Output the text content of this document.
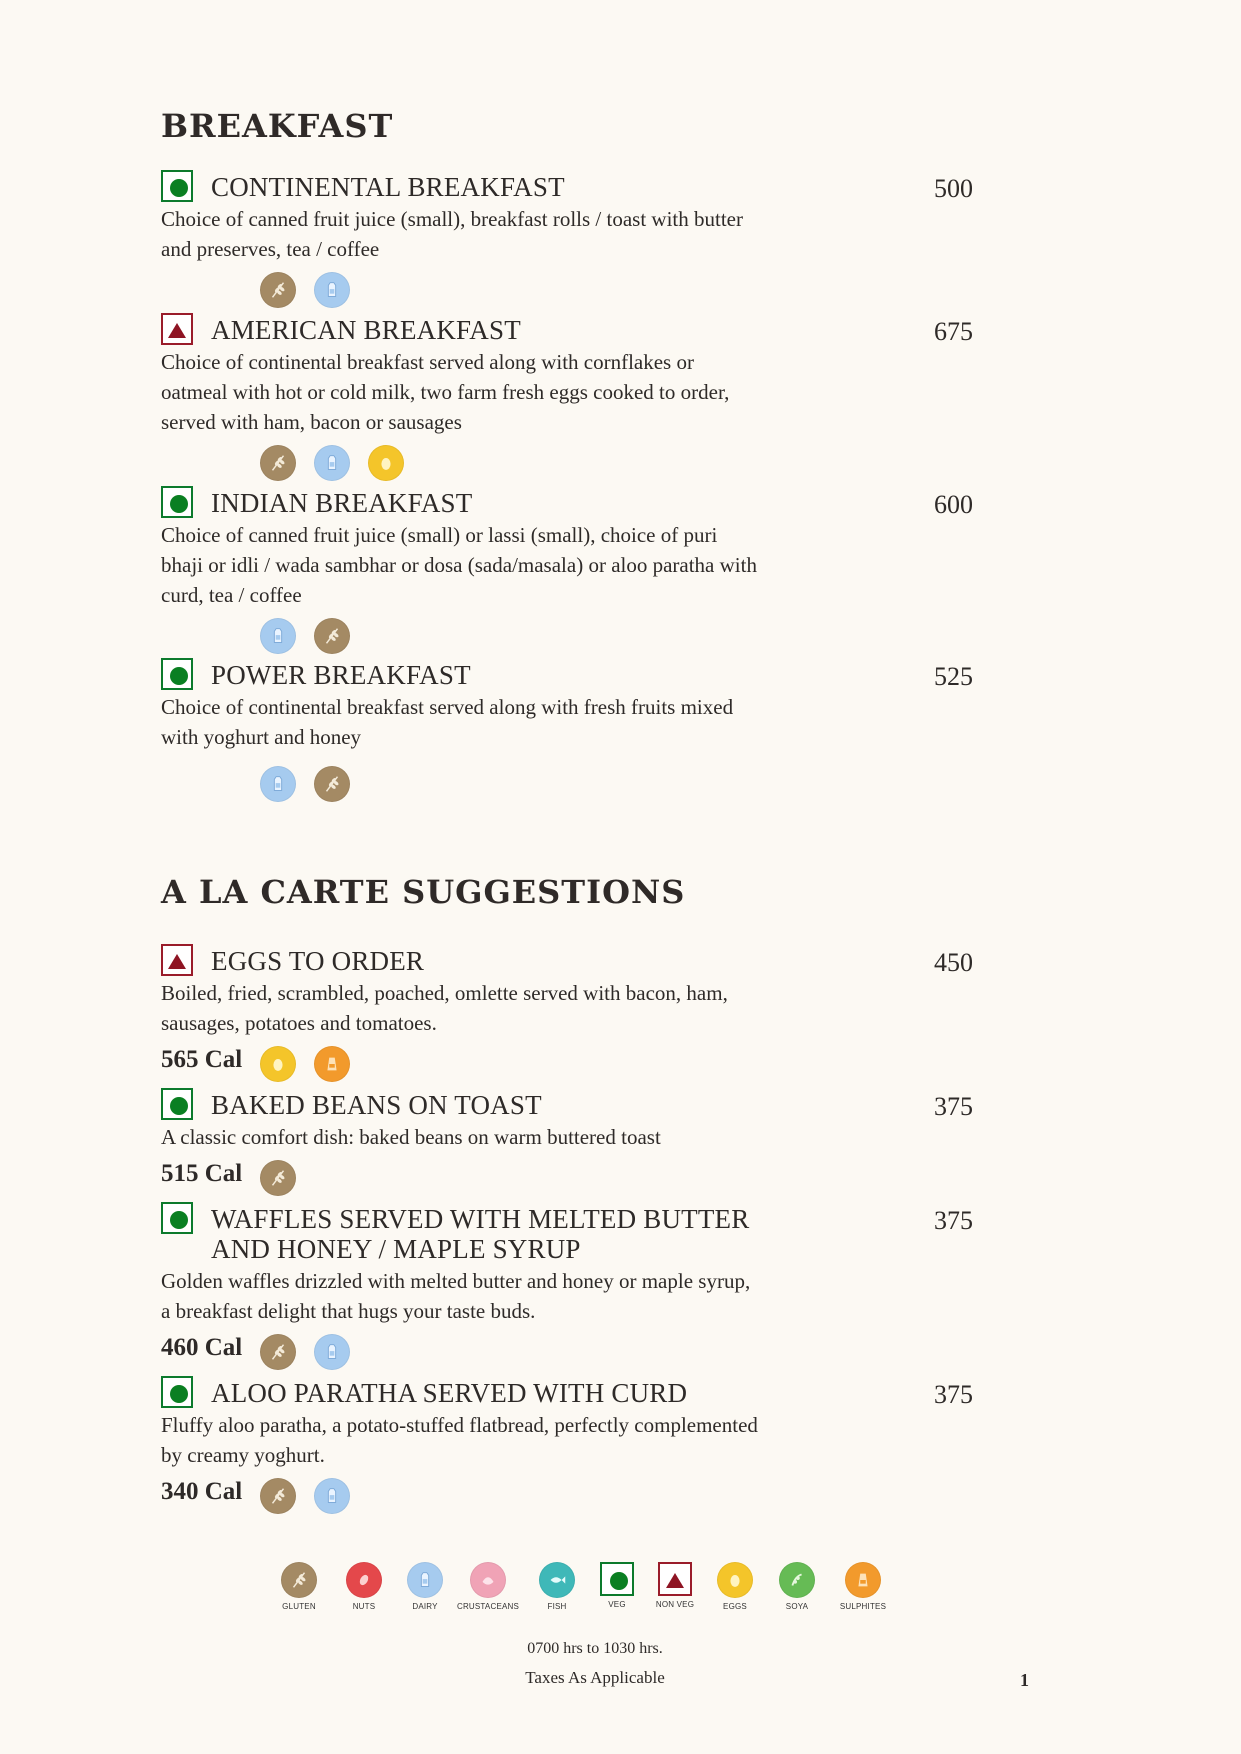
BREAKFAST
CONTINENTAL BREAKFAST	500

Choice of canned fruit juice (small), breakfast rolls / toast with butter and preserves, tea / coffee

AMERICAN BREAKFAST	675

Choice of continental breakfast served along with cornflakes or oatmeal with hot or cold milk, two farm fresh eggs cooked to order, served with ham, bacon or sausages

INDIAN BREAKFAST	600

Choice of canned fruit juice (small) or lassi (small), choice of puri bhaji or idli / wada sambhar or dosa (sada/masala) or aloo paratha with curd, tea / coffee

POWER BREAKFAST	525

Choice of continental breakfast served along with fresh fruits mixed with yoghurt and honey

A LA CARTE SUGGESTIONS
EGGS TO ORDER	450

Boiled, fried, scrambled, poached, omlette served with bacon, ham, sausages, potatoes and tomatoes.

565 Cal
BAKED BEANS ON TOAST	375

A classic comfort dish: baked beans on warm buttered toast

515 Cal
WAFFLES SERVED WITH MELTED BUTTER AND HONEY / MAPLE SYRUP
375

Golden waffles drizzled with melted butter and honey or maple syrup, a breakfast delight that hugs your taste buds.

460 Cal
ALOO PARATHA SERVED WITH CURD	375

Fluffy aloo paratha, a potato-stuffed flatbread, perfectly complemented by creamy yoghurt.

340 Cal
GLUTEN	NUTS	DAIRY	CRUSTACEANS	FISH	VEG	NON VEG	EGGS	SOYA	SULPHITES
0700 hrs to 1030 hrs.
Taxes As Applicable	1
